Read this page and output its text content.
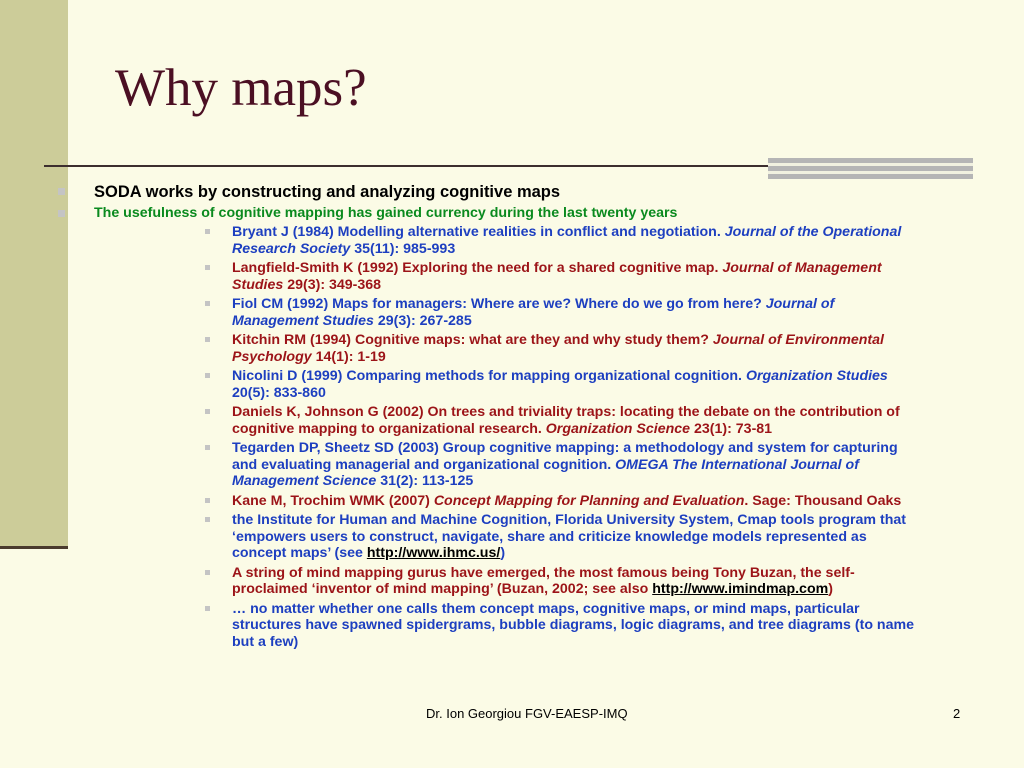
Why maps?
SODA works by constructing and analyzing cognitive maps
The usefulness of cognitive mapping has gained currency during the last twenty years
Bryant J (1984) Modelling alternative realities in conflict and negotiation. Journal of the Operational Research Society 35(11): 985-993
Langfield-Smith K (1992) Exploring the need for a shared cognitive map. Journal of Management Studies 29(3): 349-368
Fiol CM (1992) Maps for managers: Where are we? Where do we go from here? Journal of Management Studies 29(3): 267-285
Kitchin RM (1994) Cognitive maps: what are they and why study them? Journal of Environmental Psychology 14(1): 1-19
Nicolini D (1999) Comparing methods for mapping organizational cognition. Organization Studies 20(5): 833-860
Daniels K, Johnson G (2002) On trees and triviality traps: locating the debate on the contribution of cognitive mapping to organizational research. Organization Science 23(1): 73-81
Tegarden DP, Sheetz SD (2003) Group cognitive mapping: a methodology and system for capturing and evaluating managerial and organizational cognition. OMEGA The International Journal of Management Science 31(2): 113-125
Kane M, Trochim WMK (2007) Concept Mapping for Planning and Evaluation. Sage: Thousand Oaks
the Institute for Human and Machine Cognition, Florida University System, Cmap tools program that ‘empowers users to construct, navigate, share and criticize knowledge models represented as concept maps’ (see http://www.ihmc.us/)
A string of mind mapping gurus have emerged, the most famous being Tony Buzan, the self-proclaimed ‘inventor of mind mapping’ (Buzan, 2002; see also http://www.imindmap.com)
… no matter whether one calls them concept maps, cognitive maps, or mind maps, particular structures have spawned spidergrams, bubble diagrams, logic diagrams, and tree diagrams (to name but a few)
Dr. Ion Georgiou FGV-EAESP-IMQ	2
